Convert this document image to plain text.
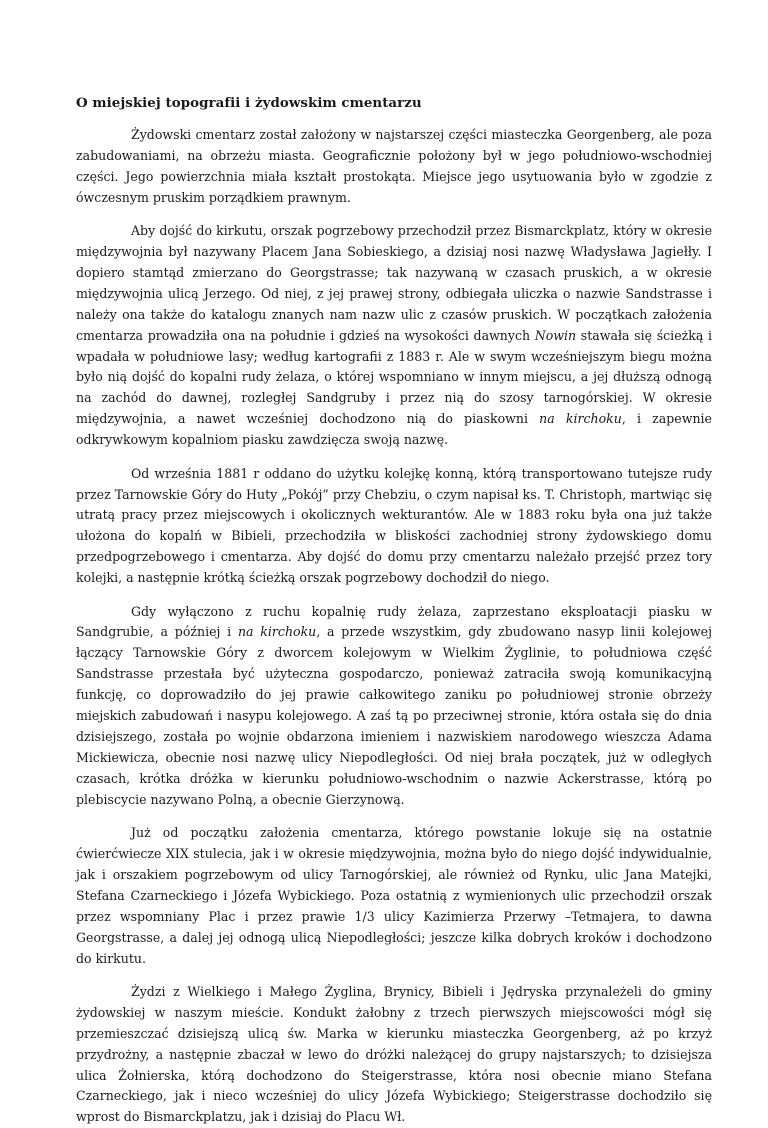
O miejskiej topografii i żydowskim cmentarzu

Żydowski cmentarz został założony w najstarszej części miasteczka Georgenberg, ale poza zabudowaniami, na obrzeżu miasta. Geograficznie położony był w jego południowo-wschodniej części. Jego powierzchnia miała kształt prostokąta. Miejsce jego usytuowania było w zgodzie z ówczesnym pruskim porządkiem prawnym.

Aby dojść do kirkutu, orszak pogrzebowy przechodził przez Bismarckplatz, który w okresie międzywojnia był nazywany Placem Jana Sobieskiego, a dzisiaj nosi nazwę Władysława Jagiełły. I dopiero stamtąd zmierzano do Georgstrasse; tak nazywaną w czasach pruskich, a w okresie międzywojnia ulicą Jerzego. Od niej, z jej prawej strony, odbiegała uliczka o nazwie Sandstrasse i należy ona także do katalogu znanych nam nazw ulic z czasów pruskich. W początkach założenia cmentarza prowadziła ona na południe i gdzieś na wysokości dawnych Nowin stawała się ścieżką i wpadała w południowe lasy; według kartografii z 1883 r. Ale w swym wcześniejszym biegu można było nią dojść do kopalni rudy żelaza, o której wspomniano w innym miejscu, a jej dłuższą odnogą na zachód do dawnej, rozległej Sandgruby i przez nią do szosy tarnogórskiej. W okresie międzywojnia, a nawet wcześniej dochodzono nią do piaskowni na kirchoku, i zapewnie odkrywkowym kopalniom piasku zawdzięcza swoją nazwę.

Od września 1881 r oddano do użytku kolejkę konną, którą transportowano tutejsze rudy przez Tarnowskie Góry do Huty „Pokój” przy Chebziu, o czym napisał ks. T. Christoph, martwiąc się utratą pracy przez miejscowych i okolicznych wekturantów. Ale w 1883 roku była ona już także ułożona do kopalń w Bibieli, przechodziła w bliskości zachodniej strony żydowskiego domu przedpogrzebowego i cmentarza. Aby dojść do domu przy cmentarzu należało przejść przez tory kolejki, a następnie krótką ścieżką orszak pogrzebowy dochodził do niego.

Gdy wyłączono z ruchu kopalnię rudy żelaza, zaprzestano eksploatacji piasku w Sandgrubie, a później i na kirchoku, a przede wszystkim, gdy zbudowano nasyp linii kolejowej łączący Tarnowskie Góry z dworcem kolejowym w Wielkim Żyglinie, to południowa część Sandstrasse przestała być użyteczna gospodarczo, ponieważ zatraciła swoją komunikacyjną funkcję, co doprowadziło do jej prawie całkowitego zaniku po południowej stronie obrzeży miejskich zabudowań i nasypu kolejowego. A zaś tą po przeciwnej stronie, która ostała się do dnia dzisiejszego, została po wojnie obdarzona imieniem i nazwiskiem narodowego wieszcza Adama Mickiewicza, obecnie nosi nazwę ulicy Niepodległości. Od niej brała początek, już w odległych czasach, krótka dróżka w kierunku południowo-wschodnim o nazwie Ackerstrasse, którą po plebiscycie nazywano Polną, a obecnie Gierzynową.

Już od początku założenia cmentarza, którego powstanie lokuje się na ostatnie ćwierćwiecze XIX stulecia, jak i w okresie międzywojnia, można było do niego dojść indywidualnie, jak i orszakiem pogrzebowym od ulicy Tarnogórskiej, ale również od Rynku, ulic Jana Matejki, Stefana Czarneckiego i Józefa Wybickiego. Poza ostatnią z wymienionych ulic przechodził orszak przez wspomniany Plac i przez prawie 1/3 ulicy Kazimierza Przerwy –Tetmajera, to dawna Georgstrasse, a dalej jej odnogą ulicą Niepodległości; jeszcze kilka dobrych kroków i dochodzono do kirkutu.

Żydzi z Wielkiego i Małego Żyglina, Brynicy, Bibieli i Jędryska przynależeli do gminy żydowskiej w naszym mieście. Kondukt żałobny z trzech pierwszych miejscowości mógł się przemieszczać dzisiejszą ulicą św. Marka w kierunku miasteczka Georgenberg, aż po krzyż przydrożny, a następnie zbaczał w lewo do dróżki należącej do grupy najstarszych; to dzisiejsza ulica Żołnierska, którą dochodzono do Steigerstrasse, która nosi obecnie miano Stefana Czarneckiego, jak i nieco wcześniej do ulicy Józefa Wybickiego; Steigerstrasse dochodziło się wprost do Bismarckplatzu, jak i dzisiaj do Placu Wł.
